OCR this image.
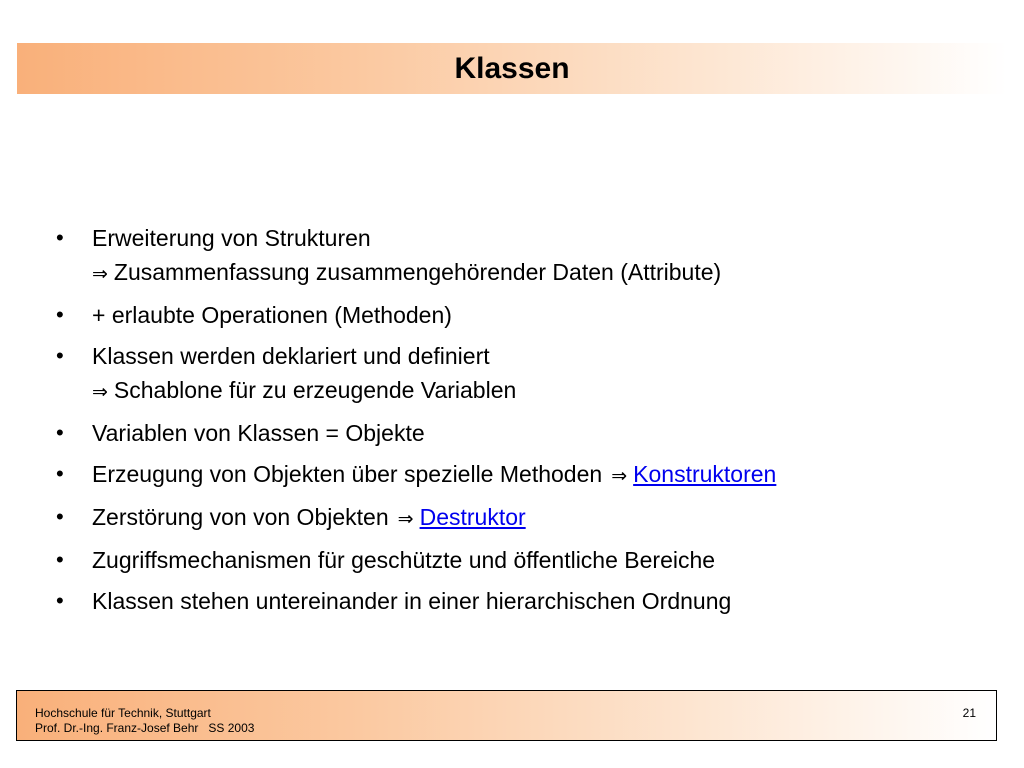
Klassen
• Erweiterung von Strukturen
⇒ Zusammenfassung zusammengehörender Daten (Attribute)
• + erlaubte Operationen (Methoden)
• Klassen werden deklariert und definiert
⇒ Schablone für zu erzeugende Variablen
• Variablen von Klassen = Objekte
• Erzeugung von Objekten über spezielle Methoden ⇒ Konstruktoren
• Zerstörung von von Objekten ⇒ Destruktor
• Zugriffsmechanismen für geschützte und öffentliche Bereiche
• Klassen stehen untereinander in einer hierarchischen Ordnung
Hochschule für Technik, Stuttgart
Prof. Dr.-Ing. Franz-Josef Behr   SS 2003
21
